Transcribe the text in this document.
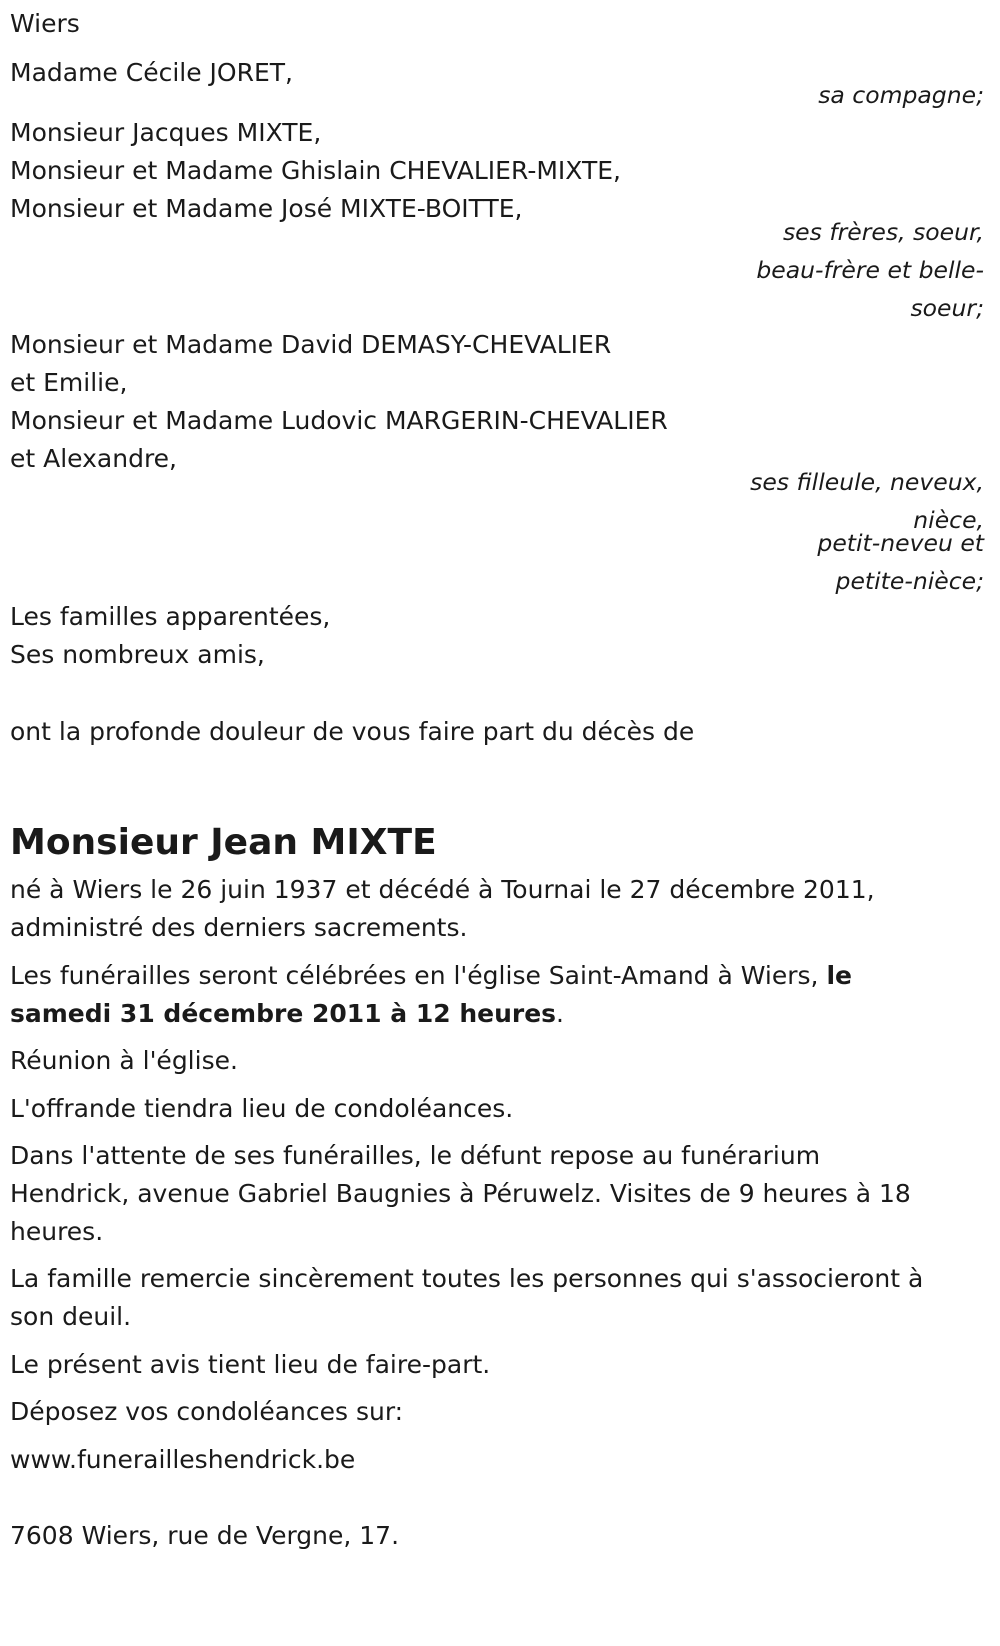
Wiers

Madame Cécile JORET,

sa compagne;

Monsieur Jacques MIXTE,

Monsieur et Madame Ghislain CHEVALIER-MIXTE,

Monsieur et Madame José MIXTE-BOITTE,

ses frères, soeur,

beau-frère et belle-

soeur;

Monsieur et Madame David DEMASY-CHEVALIER

et Emilie,

Monsieur et Madame Ludovic MARGERIN-CHEVALIER

et Alexandre,

ses filleule, neveux,

nièce,

petit-neveu et

petite-nièce;

Les familles apparentées,

Ses nombreux amis,

ont la profonde douleur de vous faire part du décès de

Monsieur Jean MIXTE

né à Wiers le 26 juin 1937 et décédé à Tournai le 27 décembre 2011,

administré des derniers sacrements.

Les funérailles seront célébrées en l'église Saint-Amand à Wiers, le

samedi 31 décembre 2011 à 12 heures.

Réunion à l'église.

L'offrande tiendra lieu de condoléances.

Dans l'attente de ses funérailles, le défunt repose au funérarium

Hendrick, avenue Gabriel Baugnies à Péruwelz. Visites de 9 heures à 18

heures.

La famille remercie sincèrement toutes les personnes qui s'associeront à

son deuil.

Le présent avis tient lieu de faire-part.

Déposez vos condoléances sur:

www.funerailleshendrick.be

7608 Wiers, rue de Vergne, 17.
